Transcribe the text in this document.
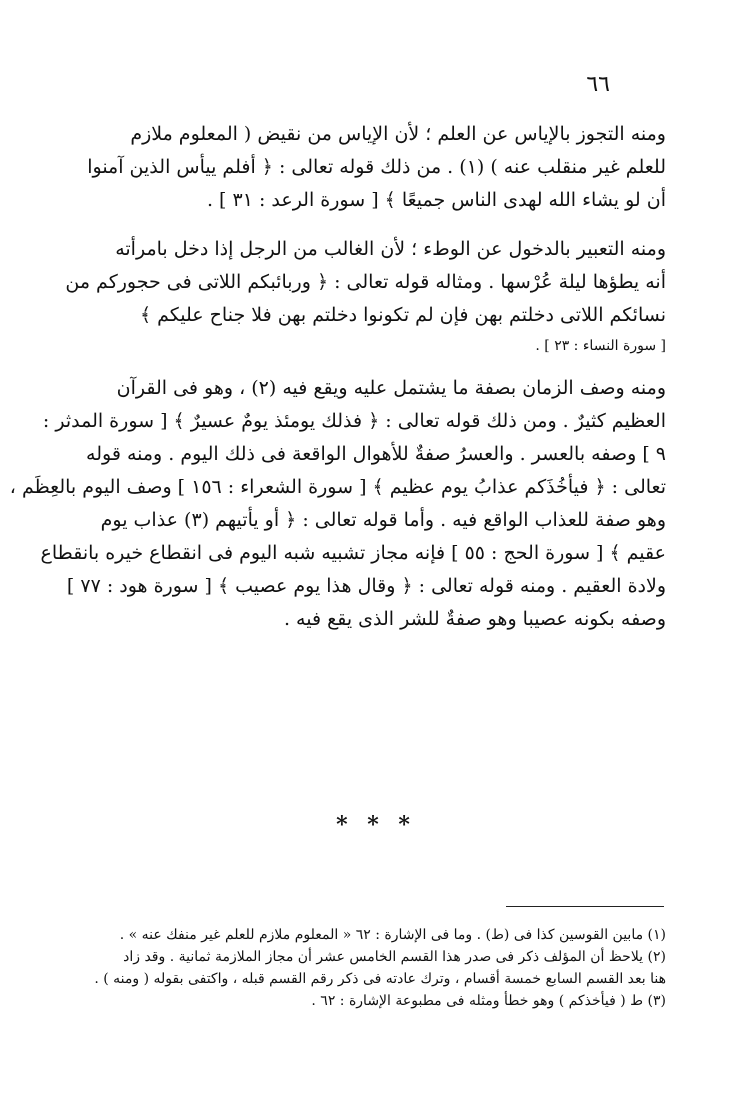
٦٦
ومنه التجوز بالإياس عن العلم ؛ لأن الإياس من نقيض ( المعلوم ملازم
للعلم غير منقلب عنه ) (١) . من ذلك قوله تعالى : ﴿ أفلم ييأس الذين آمنوا
أن لو يشاء الله لهدى الناس جميعًا ﴾ [ سورة الرعد : ٣١ ] .
ومنه التعبير بالدخول عن الوطء ؛ لأن الغالب من الرجل إذا دخل بامرأته
أنه يطؤها ليلة عُرْسها . ومثاله قوله تعالى : ﴿ وربائبكم اللاتى فى حجوركم من
نسائكم اللاتى دخلتم بهن فإن لم تكونوا دخلتم بهن فلا جناح عليكم ﴾
[ سورة النساء : ٢٣ ] .
ومنه وصف الزمان بصفة ما يشتمل عليه ويقع فيه (٢) ، وهو فى القرآن
العظيم كثيرٌ . ومن ذلك قوله تعالى : ﴿ فذلك يومئذ يومٌ عسيرٌ ﴾ [ سورة المدثر :
٩ ] وصفه بالعسر . والعسرُ صفةٌ للأهوال الواقعة فى ذلك اليوم . ومنه قوله
تعالى : ﴿ فيأخُذَكم عذابُ يوم عظيم ﴾ [ سورة الشعراء : ١٥٦ ] وصف اليوم بالعِظَم ،
وهو صفة للعذاب الواقع فيه . وأما قوله تعالى : ﴿ أو يأتيهم (٣) عذاب يوم
عقيم ﴾ [ سورة الحج : ٥٥ ] فإنه مجاز تشبيه شبه اليوم فى انقطاع خيره بانقطاع
ولادة العقيم . ومنه قوله تعالى : ﴿ وقال هذا يوم عصيب ﴾ [ سورة هود : ٧٧ ]
وصفه بكونه عصيبا وهو صفةٌ للشر الذى يقع فيه .
* * *
(١) مابين القوسين كذا فى (ط) . وما فى الإشارة : ٦٢ « المعلوم ملازم للعلم غير منفك عنه » .
(٢) يلاحظ أن المؤلف ذكر فى صدر هذا القسم الخامس عشر أن مجاز الملازمة ثمانية . وقد زاد
هنا بعد القسم السابع خمسة أقسام ، وترك عادته فى ذكر رقم القسم قبله ، واكتفى بقوله ( ومنه ) .
(٣) ط ( فيأخذكم ) وهو خطأ ومثله فى مطبوعة الإشارة : ٦٢ .
